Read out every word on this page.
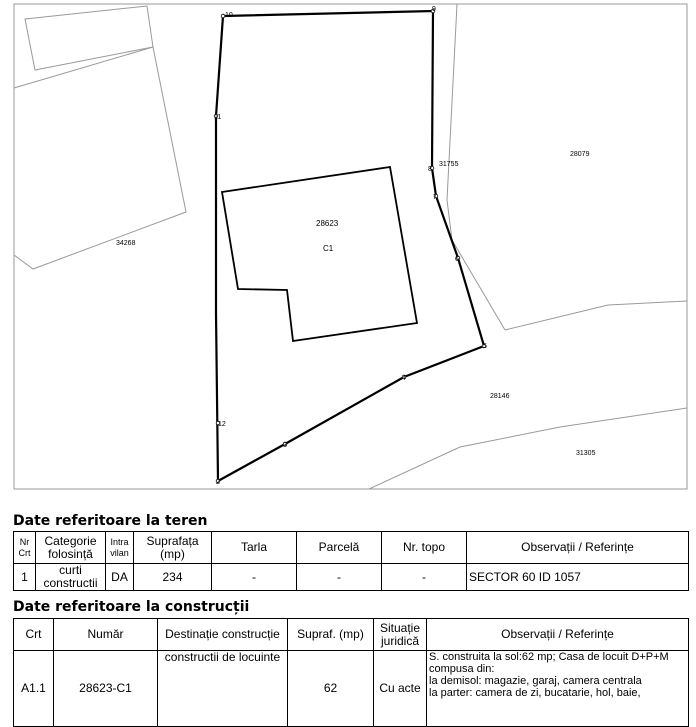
10
9
11
8
7
6
5
4
3
2
12
28623
C1
34268
31755
28079
28146
31305
Date referitoare la teren
Nr Crt	Categorie folosință	Intra vilan	Suprafața (mp)	Tarla	Parcelă	Nr. topo	Observații / Referințe
1	curti constructii	DA	234	-	-	-	SECTOR 60 ID 1057
Date referitoare la construcții
Crt	Număr	Destinație construcție	Supraf. (mp)	Situație juridică	Observații / Referințe
A1.1	28623-C1	constructii de locuinte	62	Cu acte	S. construita la sol:62 mp; Casa de locuit D+P+M compusa din:
la demisol: magazie, garaj, camera centrala
la parter: camera de zi, bucatarie, hol, baie,
